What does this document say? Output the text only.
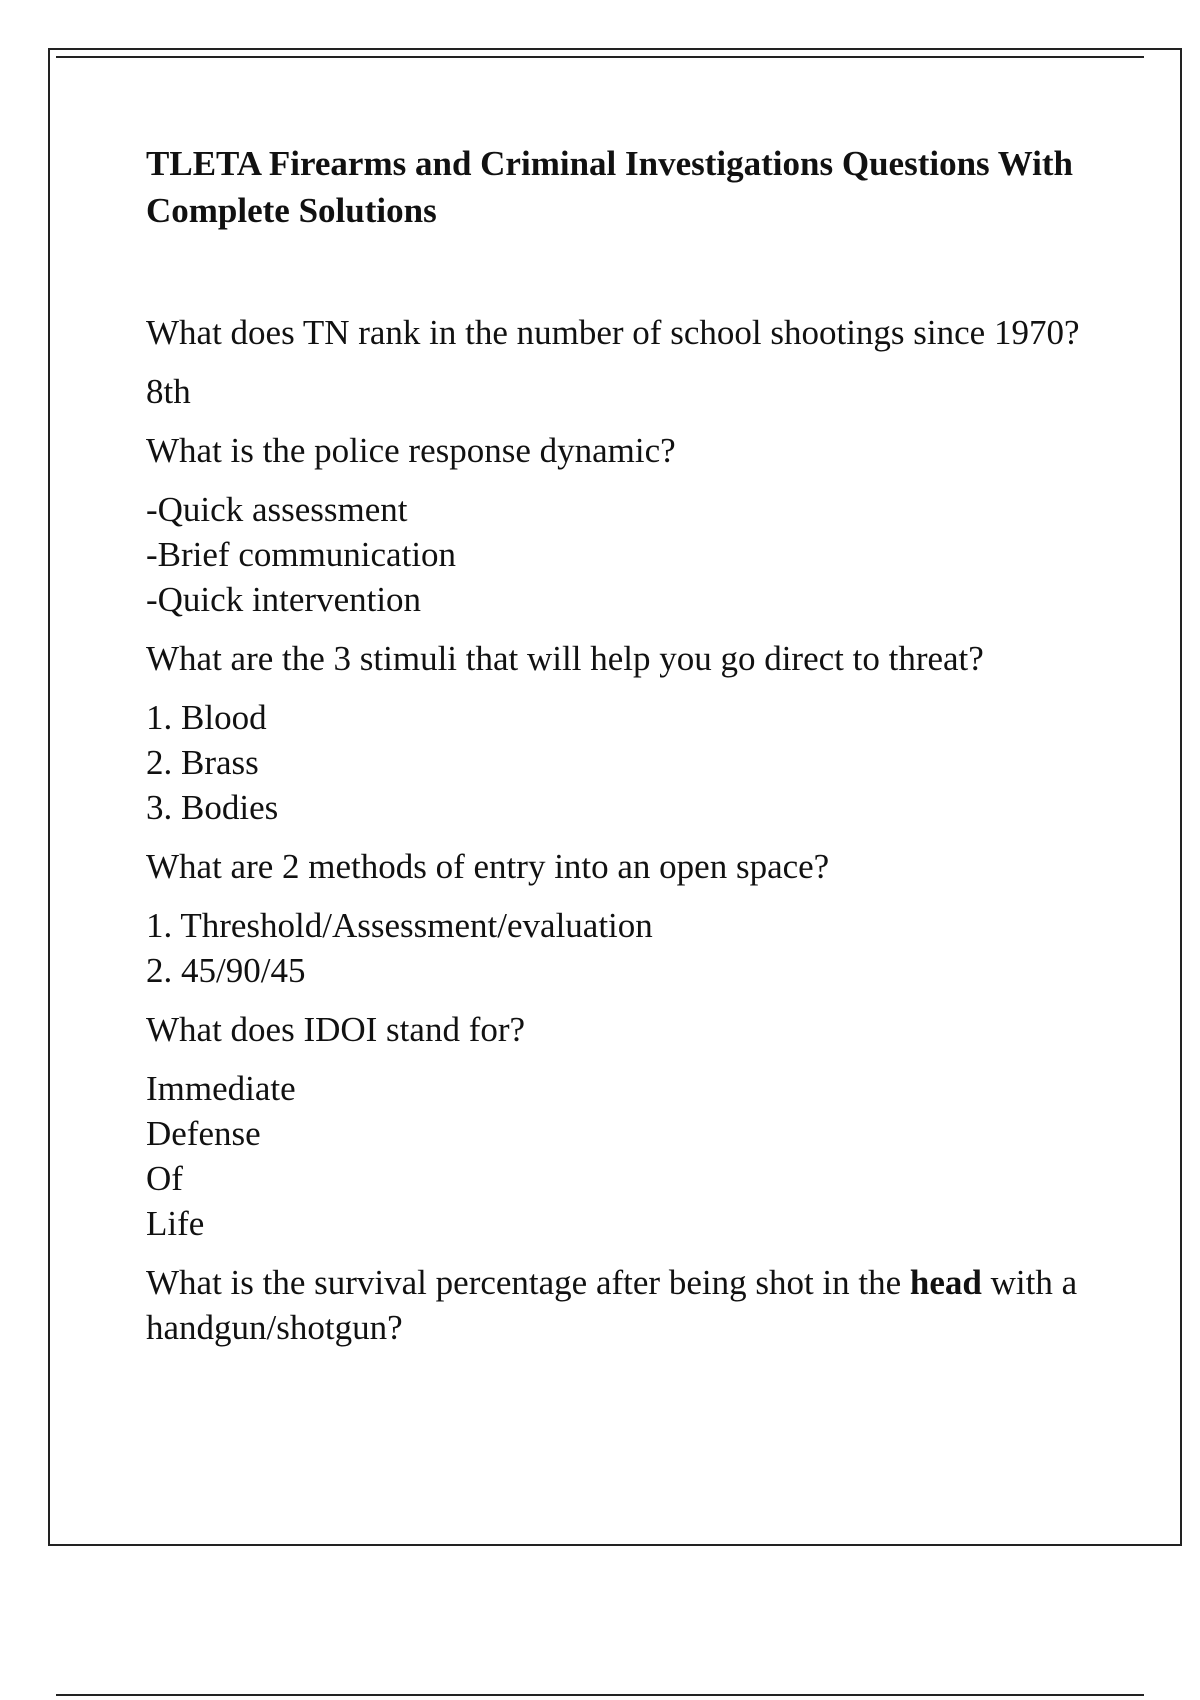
TLETA Firearms and Criminal Investigations Questions With Complete Solutions

What does TN rank in the number of school shootings since 1970?

8th

What is the police response dynamic?

-Quick assessment
-Brief communication
-Quick intervention

What are the 3 stimuli that will help you go direct to threat?

1. Blood
2. Brass
3. Bodies

What are 2 methods of entry into an open space?

1. Threshold/Assessment/evaluation
2. 45/90/45

What does IDOI stand for?

Immediate
Defense
Of
Life

What is the survival percentage after being shot in the head with a handgun/shotgun?
